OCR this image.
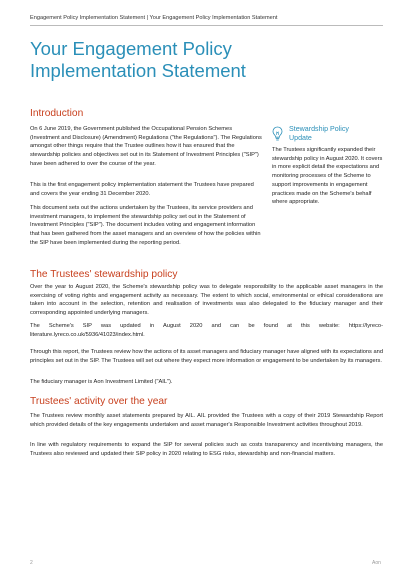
Engagement Policy Implementation Statement | Your Engagement Policy Implementation Statement
Your Engagement Policy
Implementation Statement
Introduction

On 6 June 2019, the Government published the Occupational Pension Schemes (Investment and Disclosure) (Amendment) Regulations ("the Regulations"). The Regulations amongst other things require that the Trustee outlines how it has ensured that the stewardship policies and objectives set out in its Statement of Investment Principles ("SIP") have been adhered to over the course of the year.

This is the first engagement policy implementation statement the Trustees have prepared and covers the year ending 31 December 2020.

This document sets out the actions undertaken by the Trustees, its service providers and investment managers, to implement the stewardship policy set out in the Statement of Investment Principles ("SIP"). The document includes voting and engagement information that has been gathered from the asset managers and an overview of how the policies within the SIP have been implemented during the reporting period.

Stewardship Policy
Update
The Trustees significantly expanded their stewardship policy in August 2020. It covers in more explicit detail the expectations and monitoring processes of the Scheme to support improvements in engagement practices made on the Scheme's behalf where appropriate.
The Trustees' stewardship policy

Over the year to August 2020, the Scheme's stewardship policy was to delegate responsibility to the applicable asset managers in the exercising of voting rights and engagement activity as necessary. The extent to which social, environmental or ethical considerations are taken into account in the selection, retention and realisation of investments was also delegated to the fiduciary manager and their corresponding appointed underlying managers.

The Scheme's SIP was updated in August 2020 and can be found at this website: https://lyreco-literature.lyreco.co.uk/5936/41023/index.html.

Through this report, the Trustees review how the actions of its asset managers and fiduciary manager have aligned with its expectations and principles set out in the SIP. The Trustees will set out where they expect more information or engagement to be undertaken by its managers.

The fiduciary manager is Aon Investment Limited ("AIL").

Trustees' activity over the year

The Trustees review monthly asset statements prepared by AIL. AIL provided the Trustees with a copy of their 2019 Stewardship Report which provided details of the key engagements undertaken and asset manager's Responsible Investment activities throughout 2019.

In line with regulatory requirements to expand the SIP for several policies such as costs transparency and incentivising managers, the Trustees also reviewed and updated their SIP policy in 2020 relating to ESG risks, stewardship and non-financial matters.

2	Aon
